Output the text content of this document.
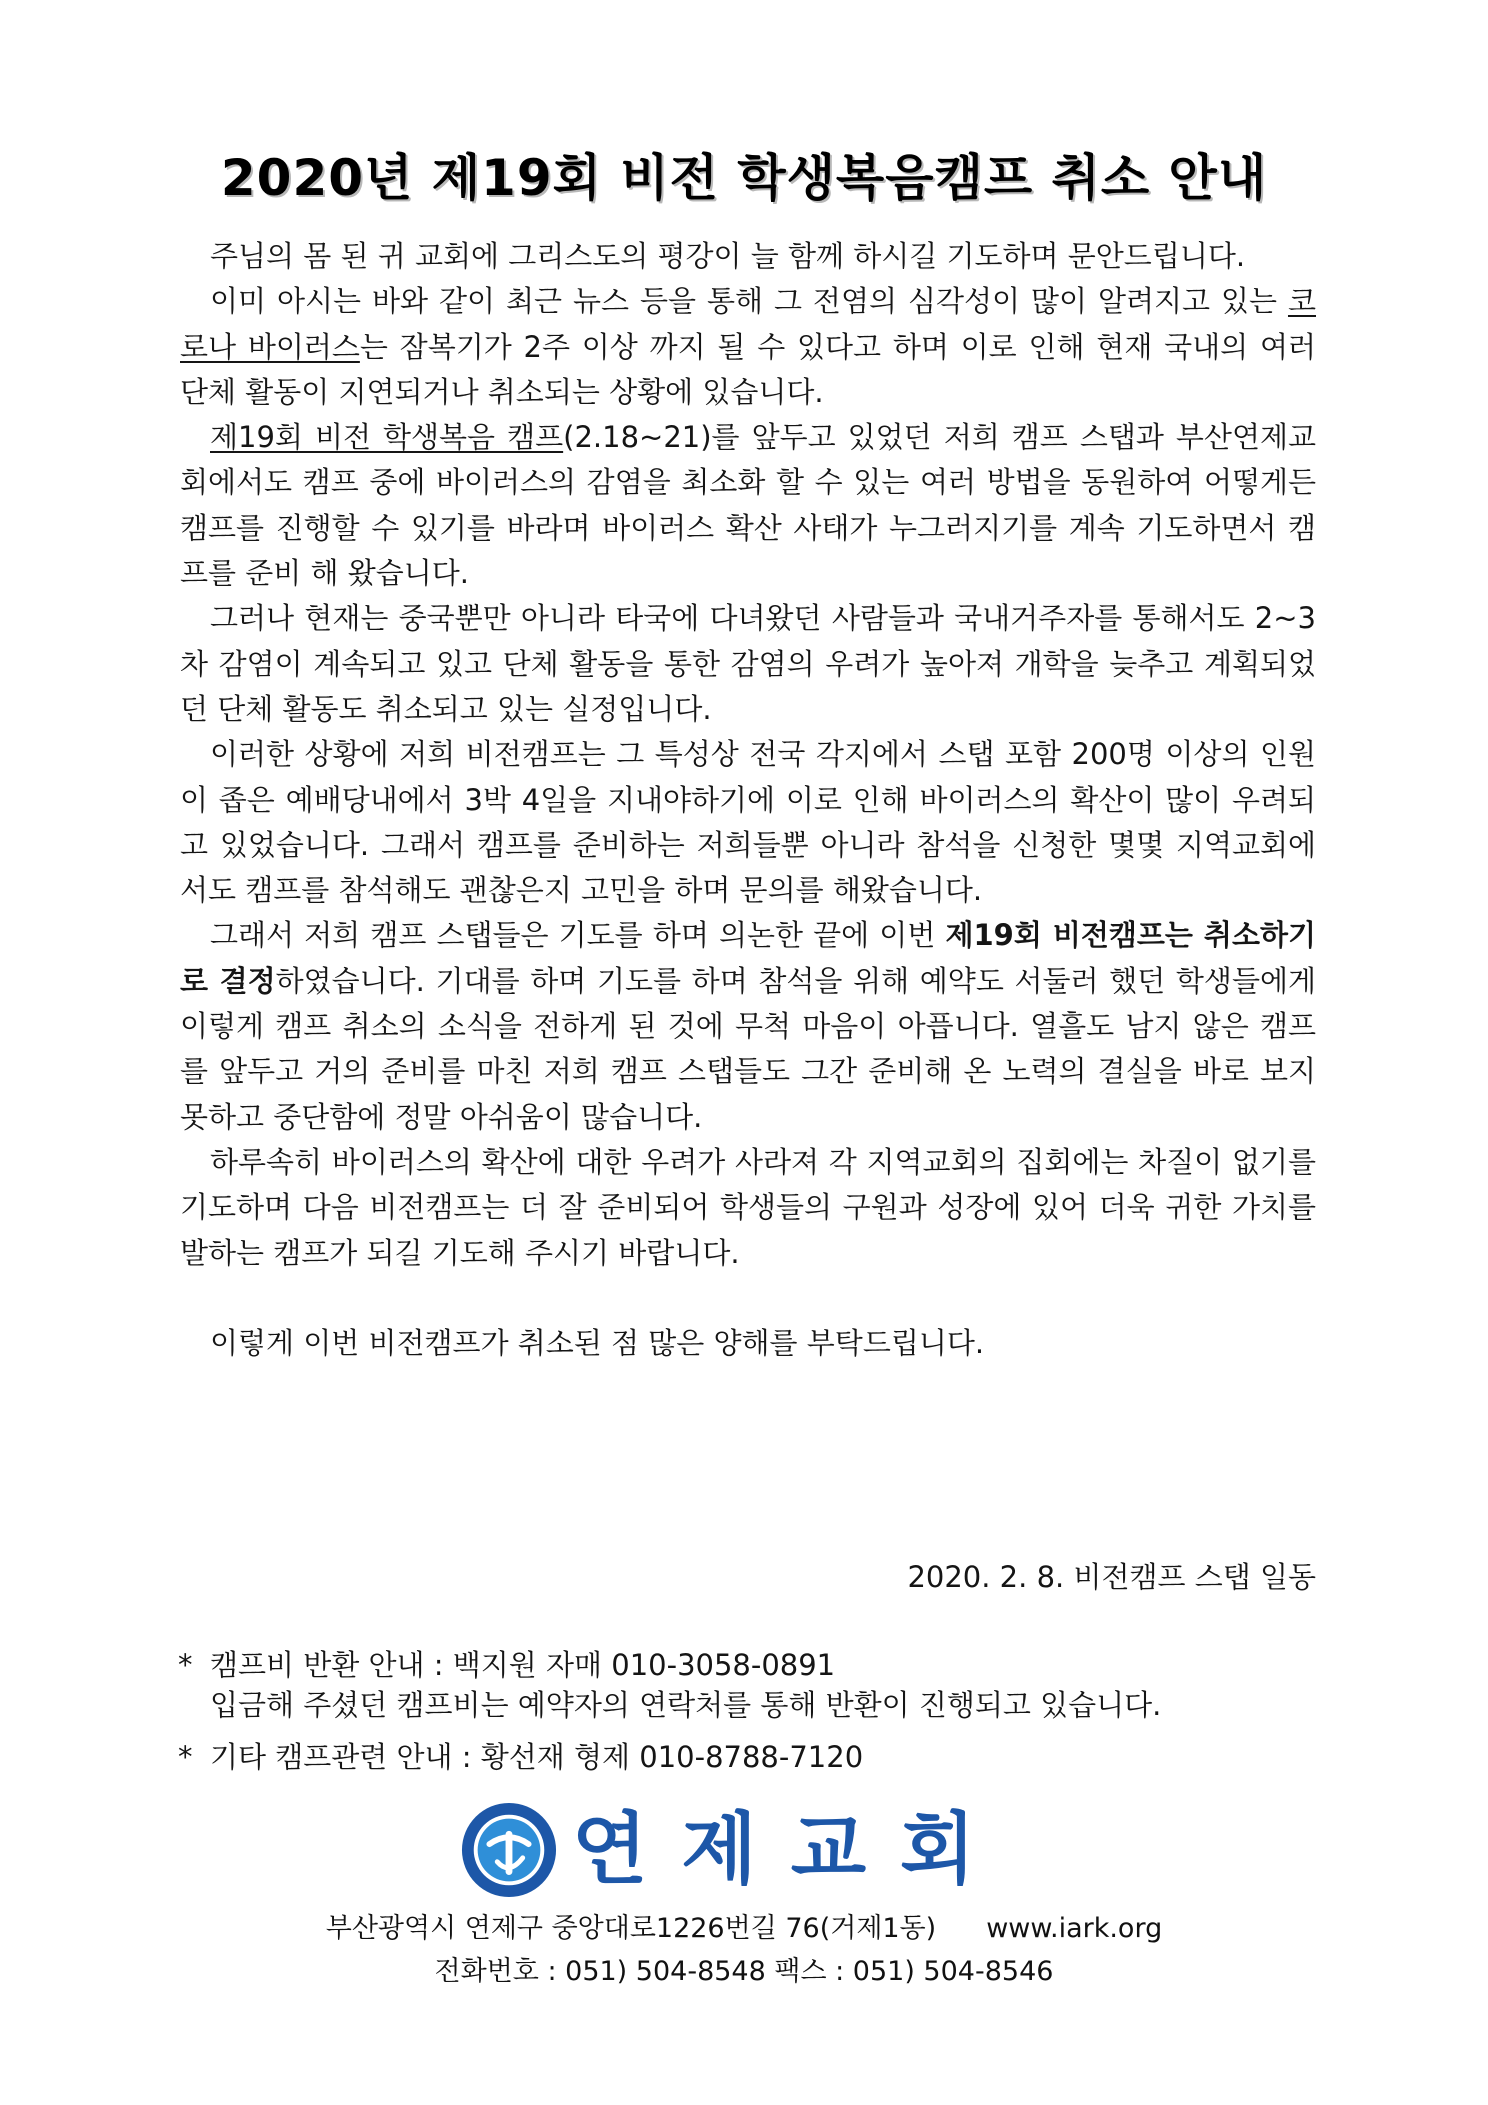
2020년 제19회 비전 학생복음캠프 취소 안내

주님의 몸 된 귀 교회에 그리스도의 평강이 늘 함께 하시길 기도하며 문안드립니다.

이미 아시는 바와 같이 최근 뉴스 등을 통해 그 전염의 심각성이 많이 알려지고 있는 코로나 바이러스는 잠복기가 2주 이상 까지 될 수 있다고 하며 이로 인해 현재 국내의 여러 단체 활동이 지연되거나 취소되는 상황에 있습니다.

제19회 비전 학생복음 캠프(2.18~21)를 앞두고 있었던 저희 캠프 스탭과 부산연제교회에서도 캠프 중에 바이러스의 감염을 최소화 할 수 있는 여러 방법을 동원하여 어떻게든 캠프를 진행할 수 있기를 바라며 바이러스 확산 사태가 누그러지기를 계속 기도하면서 캠프를 준비 해 왔습니다.

그러나 현재는 중국뿐만 아니라 타국에 다녀왔던 사람들과 국내거주자를 통해서도 2~3차 감염이 계속되고 있고 단체 활동을 통한 감염의 우려가 높아져 개학을 늦추고 계획되었던 단체 활동도 취소되고 있는 실정입니다.

이러한 상황에 저희 비전캠프는 그 특성상 전국 각지에서 스탭 포함 200명 이상의 인원이 좁은 예배당내에서 3박 4일을 지내야하기에 이로 인해 바이러스의 확산이 많이 우려되고 있었습니다. 그래서 캠프를 준비하는 저희들뿐 아니라 참석을 신청한 몇몇 지역교회에서도 캠프를 참석해도 괜찮은지 고민을 하며 문의를 해왔습니다.

그래서 저희 캠프 스탭들은 기도를 하며 의논한 끝에 이번 제19회 비전캠프는 취소하기로 결정하였습니다. 기대를 하며 기도를 하며 참석을 위해 예약도 서둘러 했던 학생들에게 이렇게 캠프 취소의 소식을 전하게 된 것에 무척 마음이 아픕니다. 열흘도 남지 않은 캠프를 앞두고 거의 준비를 마친 저희 캠프 스탭들도 그간 준비해 온 노력의 결실을 바로 보지 못하고 중단함에 정말 아쉬움이 많습니다.

하루속히 바이러스의 확산에 대한 우려가 사라져 각 지역교회의 집회에는 차질이 없기를 기도하며 다음 비전캠프는 더 잘 준비되어 학생들의 구원과 성장에 있어 더욱 귀한 가치를 발하는 캠프가 되길 기도해 주시기 바랍니다.

이렇게 이번 비전캠프가 취소된 점 많은 양해를 부탁드립니다.

2020. 2. 8. 비전캠프 스탭 일동
* 캠프비 반환 안내 : 백지원 자매 010-3058-0891
입금해 주셨던 캠프비는 예약자의 연락처를 통해 반환이 진행되고 있습니다.
* 기타 캠프관련 안내 : 황선재 형제 010-8788-7120
연제교회
부산광역시 연제구 중앙대로1226번길 76(거제1동) www.iark.org
전화번호 : 051) 504-8548 팩스 : 051) 504-8546
